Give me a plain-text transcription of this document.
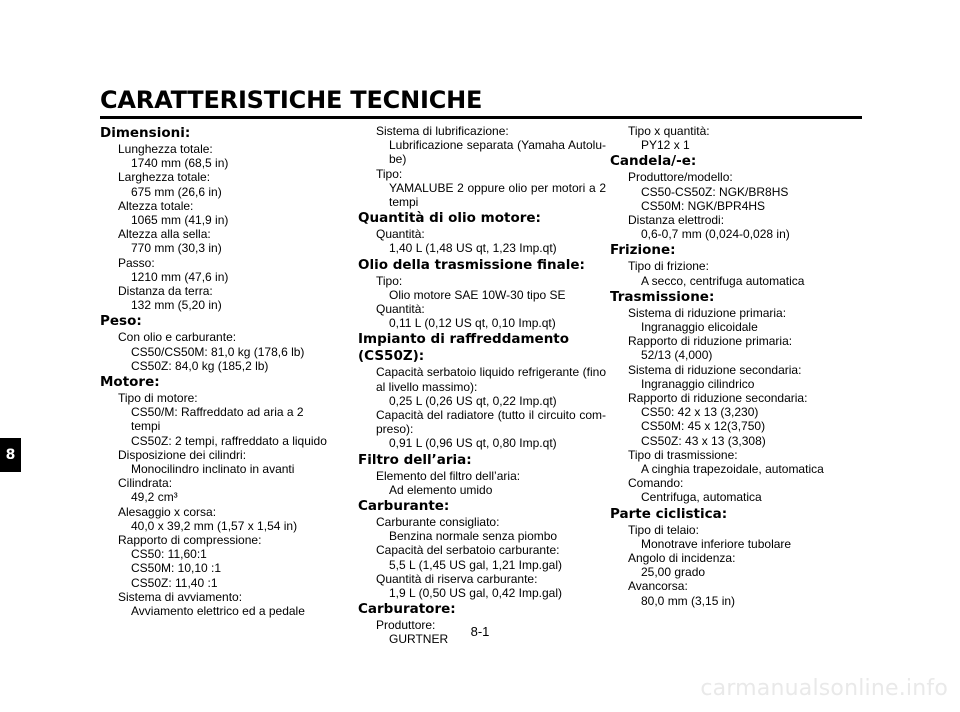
CARATTERISTICHE TECNICHE
Dimensioni:
Lunghezza totale:
1740 mm (68,5 in)
Larghezza totale:
675 mm (26,6 in)
Altezza totale:
1065 mm (41,9 in)
Altezza alla sella:
770 mm (30,3 in)
Passo:
1210 mm (47,6 in)
Distanza da terra:
132 mm (5,20 in)
Peso:
Con olio e carburante:
CS50/CS50M: 81,0 kg (178,6 lb)
CS50Z: 84,0 kg (185,2 lb)
Motore:
Tipo di motore:
CS50/M: Raffreddato ad aria a 2 tempi
CS50Z: 2 tempi, raffreddato a liquido
Disposizione dei cilindri:
Monocilindro inclinato in avanti
Cilindrata:
49,2 cm³
Alesaggio x corsa:
40,0 x 39,2 mm (1,57 x 1,54 in)
Rapporto di compressione:
CS50: 11,60:1
CS50M: 10,10 :1
CS50Z: 11,40 :1
Sistema di avviamento:
Avviamento elettrico ed a pedale
Sistema di lubrificazione:
Lubrificazione separata (Yamaha Autolu-be)
Tipo:
YAMALUBE 2 oppure olio per motori a 2 tempi
Quantità di olio motore:
Quantità:
1,40 L (1,48 US qt, 1,23 Imp.qt)
Olio della trasmissione finale:
Tipo:
Olio motore SAE 10W-30 tipo SE
Quantità:
0,11 L (0,12 US qt, 0,10 Imp.qt)
Impianto di raffreddamento (CS50Z):
Capacità serbatoio liquido refrigerante (fino al livello massimo):
0,25 L (0,26 US qt, 0,22 Imp.qt)
Capacità del radiatore (tutto il circuito com-preso):
0,91 L (0,96 US qt, 0,80 Imp.qt)
Filtro dell’aria:
Elemento del filtro dell’aria:
Ad elemento umido
Carburante:
Carburante consigliato:
Benzina normale senza piombo
Capacità del serbatoio carburante:
5,5 L (1,45 US gal, 1,21 Imp.gal)
Quantità di riserva carburante:
1,9 L (0,50 US gal, 0,42 Imp.gal)
Carburatore:
Produttore:
GURTNER
Tipo x quantità:
PY12 x 1
Candela/-e:
Produttore/modello:
CS50-CS50Z: NGK/BR8HS
CS50M: NGK/BPR4HS
Distanza elettrodi:
0,6-0,7 mm (0,024-0,028 in)
Frizione:
Tipo di frizione:
A secco, centrifuga automatica
Trasmissione:
Sistema di riduzione primaria:
Ingranaggio elicoidale
Rapporto di riduzione primaria:
52/13 (4,000)
Sistema di riduzione secondaria:
Ingranaggio cilindrico
Rapporto di riduzione secondaria:
CS50: 42 x 13 (3,230)
CS50M: 45 x 12(3,750)
CS50Z: 43 x 13 (3,308)
Tipo di trasmissione:
A cinghia trapezoidale, automatica
Comando:
Centrifuga, automatica
Parte ciclistica:
Tipo di telaio:
Monotrave inferiore tubolare
Angolo di incidenza:
25,00 grado
Avancorsa:
80,0 mm (3,15 in)
8
8-1
carmanualsonline.info
